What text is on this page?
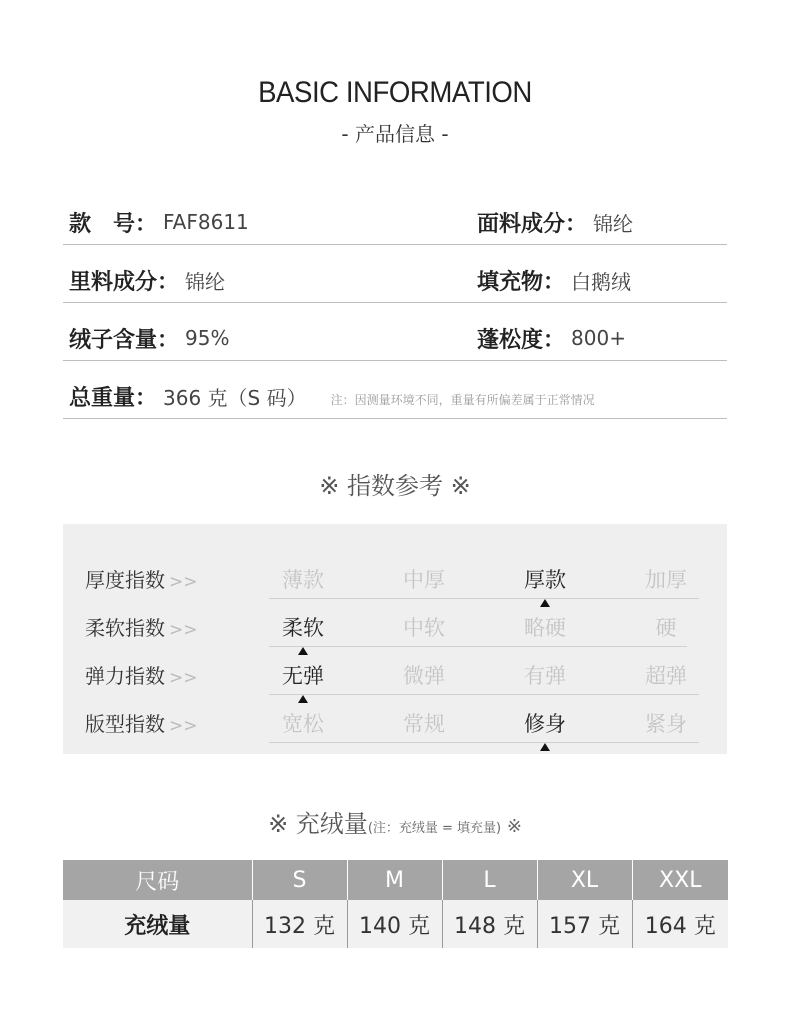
BASIC INFORMATION
- 产品信息 -
款　号： FAF8611	面料成分： 锦纶
里料成分： 锦纶	填充物： 白鹅绒
绒子含量： 95%	蓬松度： 800+
总重量： 366 克（S 码） 注：因测量环境不同，重量有所偏差属于正常情况
※ 指数参考 ※
厚度指数 >>	薄款	中厚	厚款	加厚
柔软指数 >>	柔软	中软	略硬	硬
弹力指数 >>	无弹	微弹	有弹	超弹
版型指数 >>	宽松	常规	修身	紧身
※ 充绒量(注：充绒量 = 填充量) ※
尺码	S	M	L	XL	XXL
充绒量	132 克	140 克	148 克	157 克	164 克
